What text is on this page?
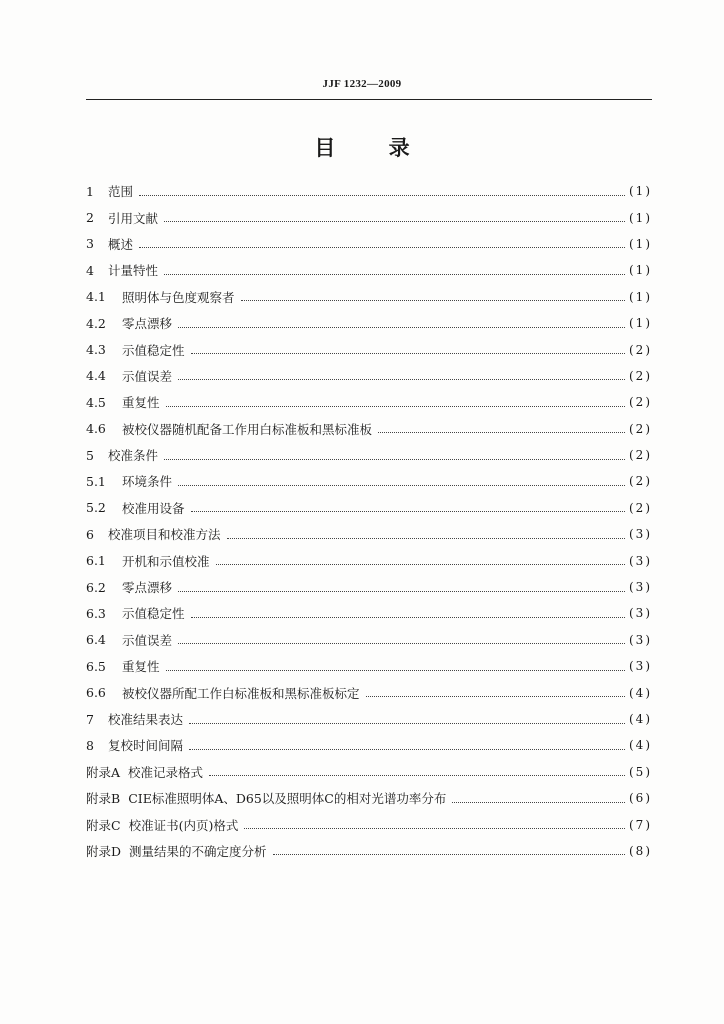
JJF 1232—2009
目 录
1	范围	(1)
2	引用文献	(1)
3	概述	(1)
4	计量特性	(1)
4.1	照明体与色度观察者	(1)
4.2	零点漂移	(1)
4.3	示值稳定性	(2)
4.4	示值误差	(2)
4.5	重复性	(2)
4.6	被校仪器随机配备工作用白标准板和黑标准板	(2)
5	校准条件	(2)
5.1	环境条件	(2)
5.2	校准用设备	(2)
6	校准项目和校准方法	(3)
6.1	开机和示值校准	(3)
6.2	零点漂移	(3)
6.3	示值稳定性	(3)
6.4	示值误差	(3)
6.5	重复性	(3)
6.6	被校仪器所配工作白标准板和黑标准板标定	(4)
7	校准结果表达	(4)
8	复校时间间隔	(4)
附录A 校准记录格式	(5)
附录B CIE标准照明体A、D65以及照明体C的相对光谱功率分布	(6)
附录C 校准证书(内页)格式	(7)
附录D 测量结果的不确定度分析	(8)
